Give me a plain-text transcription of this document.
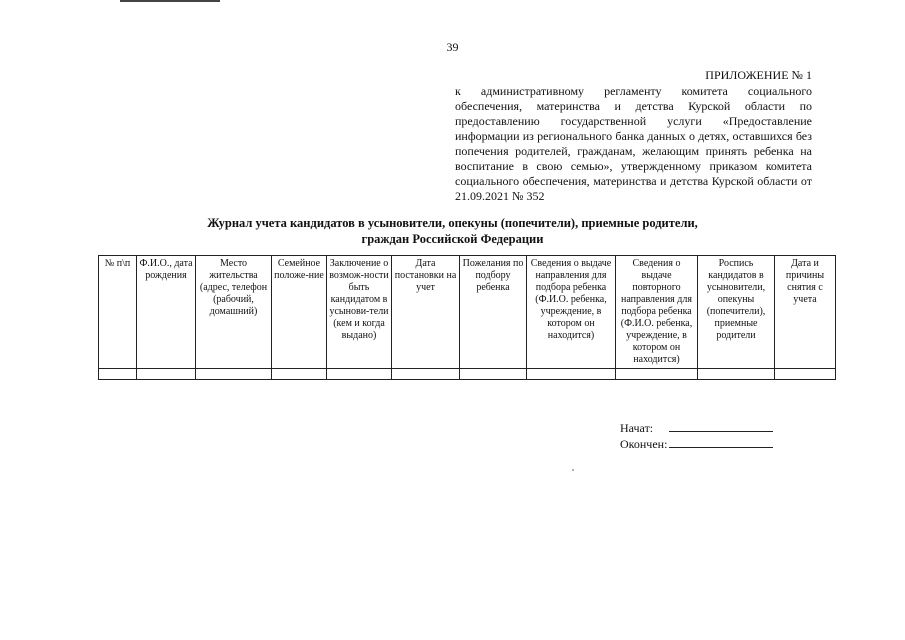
39
ПРИЛОЖЕНИЕ № 1
к административному регламенту комитета социального обеспечения, материнства и детства Курской области по предоставлению государственной услуги «Предоставление информации из регионального банка данных о детях, оставшихся без попечения родителей, гражданам, желающим принять ребенка на воспитание в свою семью», утвержденному приказом комитета социального обеспечения, материнства и детства Курской области от 21.09.2021 № 352
Журнал учета кандидатов в усыновители, опекуны (попечители), приемные родители,
граждан Российской Федерации
№ п\п	Ф.И.О., дата рождения	Место жительства (адрес, телефон (рабочий, домашний)	Семейное положе-ние	Заключение о возмож-ности быть кандидатом в усынови-тели (кем и когда выдано)	Дата постановки на учет	Пожелания по подбору ребенка	Сведения о выдаче направления для подбора ребенка (Ф.И.О. ребенка, учреждение, в котором он находится)	Сведения о выдаче повторного направления для подбора ребенка (Ф.И.О. ребенка, учреждение, в котором он находится)	Роспись кандидатов в усыновители, опекуны (попечители), приемные родители	Дата и причины снятия с учета

Начат:
Окончен:
